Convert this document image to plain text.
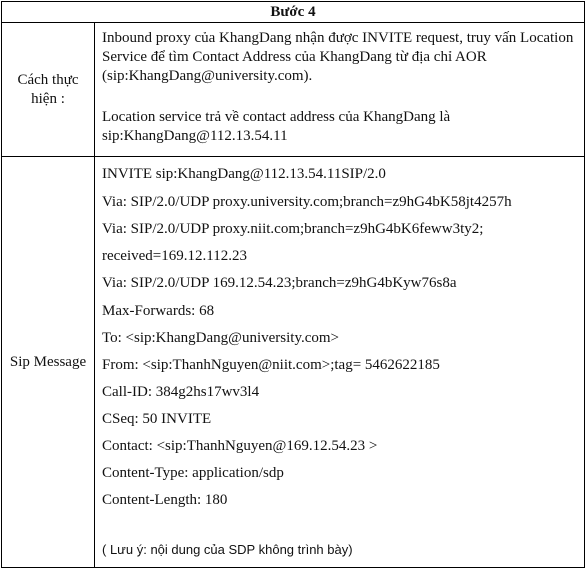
Bước 4
Cách thực hiện :

Inbound proxy của KhangDang nhận được INVITE request, truy vấn Location Service để tìm Contact Address của KhangDang từ địa chỉ AOR (sip:KhangDang@university.com).

Location service trả về contact address của KhangDang là sip:KhangDang@112.13.54.11

Sip Message
INVITE sip:KhangDang@112.13.54.11SIP/2.0
Via: SIP/2.0/UDP proxy.university.com;branch=z9hG4bK58jt4257h
Via: SIP/2.0/UDP proxy.niit.com;branch=z9hG4bK6feww3ty2;
received=169.12.112.23
Via: SIP/2.0/UDP 169.12.54.23;branch=z9hG4bKyw76s8a
Max-Forwards: 68
To: <sip:KhangDang@university.com>
From: <sip:ThanhNguyen@niit.com>;tag= 5462622185
Call-ID: 384g2hs17wv3l4
CSeq: 50 INVITE
Contact: <sip:ThanhNguyen@169.12.54.23 >
Content-Type: application/sdp
Content-Length: 180
( Lưu ý: nội dung của SDP không trình bày)
